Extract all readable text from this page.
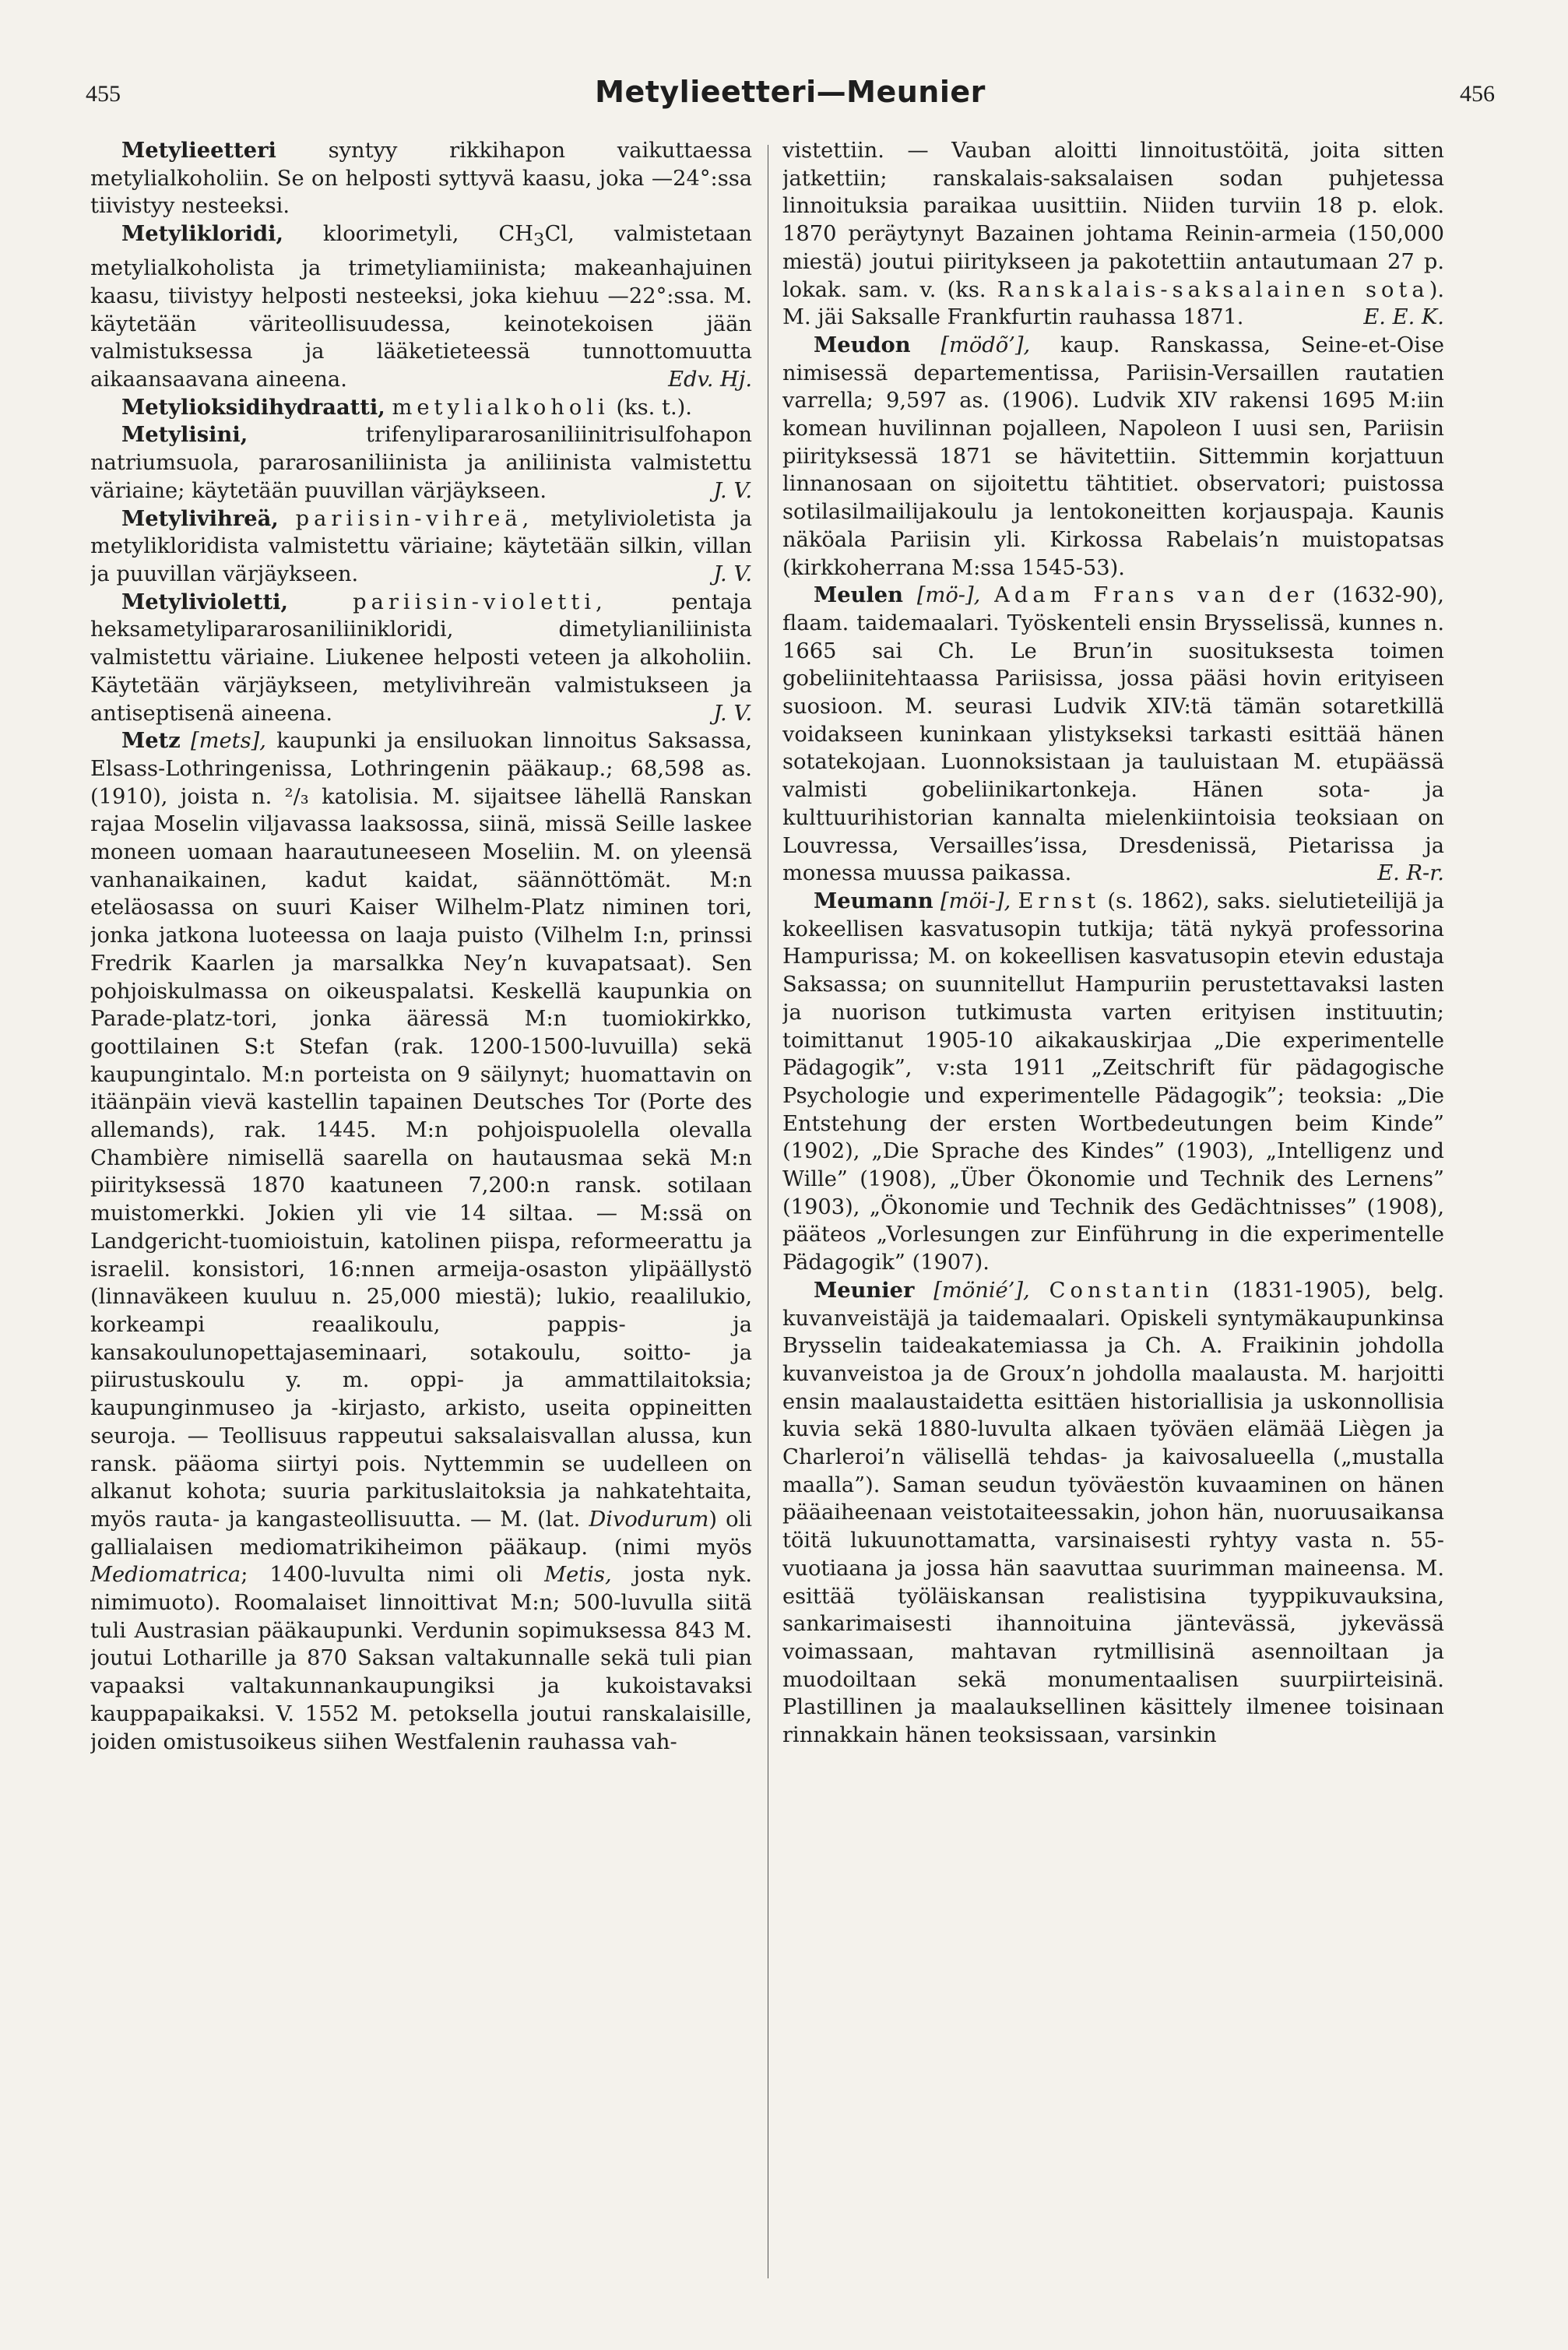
455	Metylieetteri—Meunier	456

Metylieetteri syntyy rikkihapon vaikuttaessa metylialkoholiin. Se on helposti syttyvä kaasu, joka —24°:ssa tiivistyy nesteeksi.

Metylikloridi, kloorimetyli, $CH_3Cl$, valmistetaan metylialkoholista ja trimetyliamiinista; makeanhajuinen kaasu, tiivistyy helposti nesteeksi, joka kiehuu —22°:ssa. M. käytetään väriteollisuudessa, keinotekoisen jään valmistuksessa ja lääketieteessä tunnottomuutta aikaansaavana aineena.	Edv. Hj.

Metylioksidihydraatti, metylialkoholi (ks. t.).

Metylisini, trifenylipararosaniliinitrisulfohapon natriumsuola, pararosaniliinista ja aniliinista valmistettu väriaine; käytetään puuvillan värjäykseen.	J. V.

Metylivihreä, pariisin-vihreä, metylivioletista ja metylikloridista valmistettu väriaine; käytetään silkin, villan ja puuvillan värjäykseen.	J. V.

Metylivioletti,	pariisin-violetti, pentaja heksametylipararosaniliinikloridi, dimetylianiliinista valmistettu väriaine. Liukenee helposti veteen ja alkoholiin. Käytetään värjäykseen, metylivihreän valmistukseen ja antiseptisenä aineena.	J. V.

Metz [mets], kaupunki ja ensiluokan linnoitus Saksassa, Elsass-Lothringenissa, Lothringenin pääkaup.; 68,598 as. (1910), joista n. ²/₃ katolisia. M. sijaitsee lähellä Ranskan rajaa Moselin viljavassa laaksossa, siinä, missä Seille laskee moneen uomaan haarautuneeseen Moseliin. M. on yleensä vanhanaikainen, kadut kaidat, säännöttömät. M:n eteläosassa on suuri Kaiser Wilhelm-Platz niminen tori, jonka jatkona luoteessa on laaja puisto (Vilhelm I:n, prinssi Fredrik Kaarlen ja marsalkka Ney’n kuvapatsaat). Sen pohjoiskulmassa on oikeuspalatsi. Keskellä kaupunkia on Parade-platz-tori, jonka ääressä M:n tuomiokirkko, goottilainen S:t Stefan (rak. 1200-1500-luvuilla) sekä kaupungintalo. M:n porteista on 9 säilynyt; huomattavin on itäänpäin vievä kastellin tapainen Deutsches Tor (Porte des allemands), rak. 1445. M:n pohjoispuolella olevalla Chambière nimisellä saarella on hautausmaa sekä M:n piirityksessä 1870 kaatuneen 7,200:n ransk. sotilaan muistomerkki. Jokien yli vie 14 siltaa. — M:ssä on Landgericht-tuomioistuin, katolinen piispa, reformeerattu ja israelil. konsistori, 16:nnen armeija-osaston ylipäällystö (linnaväkeen kuuluu n. 25,000 miestä); lukio, reaalilukio, korkeampi reaalikoulu, pappis- ja kansakoulunopettajaseminaari, sotakoulu, soitto- ja piirustuskoulu y. m. oppi- ja ammattilaitoksia; kaupunginmuseo ja -kirjasto, arkisto, useita oppineitten seuroja. — Teollisuus rappeutui saksalaisvallan alussa, kun ransk. pääoma siirtyi pois. Nyttemmin se uudelleen on alkanut kohota; suuria parkituslaitoksia ja nahkatehtaita, myös rauta- ja kangasteollisuutta. — M. (lat. Divodurum) oli gallialaisen mediomatrikiheimon pääkaup. (nimi myös Mediomatrica; 1400-luvulta nimi oli Metis, josta nyk. nimimuoto). Roomalaiset linnoittivat M:n; 500-luvulla siitä tuli Austrasian pääkaupunki. Verdunin sopimuksessa 843 M. joutui Lotharille ja 870 Saksan valtakunnalle sekä tuli pian vapaaksi valtakunnankaupungiksi ja kukoistavaksi kauppapaikaksi. V. 1552 M. petoksella joutui ranskalaisille, joiden omistusoikeus siihen Westfalenin rauhassa vah-

vistettiin. — Vauban aloitti linnoitustöitä, joita sitten jatkettiin; ranskalais-saksalaisen sodan puhjetessa linnoituksia paraikaa uusittiin. Niiden turviin 18 p. elok. 1870 peräytynyt Bazainen johtama Reinin-armeia (150,000 miestä) joutui piiritykseen ja pakotettiin antautumaan 27 p. lokak. sam. v. (ks. Ranskalais-saksalainen sota). M. jäi Saksalle Frankfurtin rauhassa 1871.	E. E. K.

Meudon [mödõ’], kaup. Ranskassa, Seine-et-Oise nimisessä departementissa, Pariisin-Versaillen rautatien varrella; 9,597 as. (1906). Ludvik XIV rakensi 1695 M:iin komean huvilinnan pojalleen, Napoleon I uusi sen, Pariisin piirityksessä 1871 se hävitettiin. Sittemmin korjattuun linnanosaan on sijoitettu tähtitiet. observatori; puistossa sotilasilmailijakoulu ja lentokoneitten korjauspaja. Kaunis näköala Pariisin yli. Kirkossa Rabelais’n muistopatsas (kirkkoherrana M:ssa 1545-53).

Meulen [mö-], Adam Frans van der (1632-90), flaam. taidemaalari. Työskenteli ensin Brysselissä, kunnes n. 1665 sai Ch. Le Brun’in suosituksesta toimen gobeliinitehtaassa Pariisissa, jossa pääsi hovin erityiseen suosioon. M. seurasi Ludvik XIV:tä tämän sotaretkillä voidakseen kuninkaan ylistykseksi tarkasti esittää hänen sotatekojaan. Luonnoksistaan ja tauluistaan M. etupäässä valmisti gobeliinikartonkeja. Hänen sota- ja kulttuurihistorian kannalta mielenkiintoisia teoksiaan on Louvressa, Versailles’issa, Dresdenissä, Pietarissa ja monessa muussa paikassa.	E. R-r.

Meumann [möi-], Ernst (s. 1862), saks. sielutieteilijä ja kokeellisen kasvatusopin tutkija; tätä nykyä professorina Hampurissa; M. on kokeellisen kasvatusopin etevin edustaja Saksassa; on suunnitellut Hampuriin perustettavaksi lasten ja nuorison tutkimusta varten erityisen instituutin; toimittanut 1905-10 aikakauskirjaa „Die experimentelle Pädagogik”, v:sta 1911 „Zeitschrift für pädagogische Psychologie und experimentelle Pädagogik”; teoksia: „Die Entstehung der ersten Wortbedeutungen beim Kinde” (1902), „Die Sprache des Kindes” (1903), „Intelligenz und Wille” (1908), „Über Ökonomie und Technik des Lernens” (1903), „Ökonomie und Technik des Gedächtnisses” (1908), pääteos „Vorlesungen zur Einführung in die experimentelle Pädagogik” (1907).

Meunier [mönié’], Constantin (1831-1905), belg. kuvanveistäjä ja taidemaalari. Opiskeli syntymäkaupunkinsa Brysselin taideakatemiassa ja Ch. A. Fraikinin johdolla kuvanveistoa ja de Groux’n johdolla maalausta. M. harjoitti ensin maalaustaidetta esittäen historiallisia ja uskonnollisia kuvia sekä 1880-luvulta alkaen työväen elämää Liègen ja Charleroi’n välisellä tehdas- ja kaivosalueella („mustalla maalla”). Saman seudun työväestön kuvaaminen on hänen pääaiheenaan veistotaiteessakin, johon hän, nuoruusaikansa töitä lukuunottamatta, varsinaisesti ryhtyy vasta n. 55-vuotiaana ja jossa hän saavuttaa suurimman maineensa. M. esittää työläiskansan realistisina tyyppikuvauksina, sankarimaisesti ihannoituina jäntevässä, jykevässä voimassaan, mahtavan rytmillisinä asennoiltaan ja muodoiltaan sekä monumentaalisen suurpiirteisinä. Plastillinen ja maalauksellinen käsittely ilmenee toisinaan rinnakkain hänen teoksissaan, varsinkin
